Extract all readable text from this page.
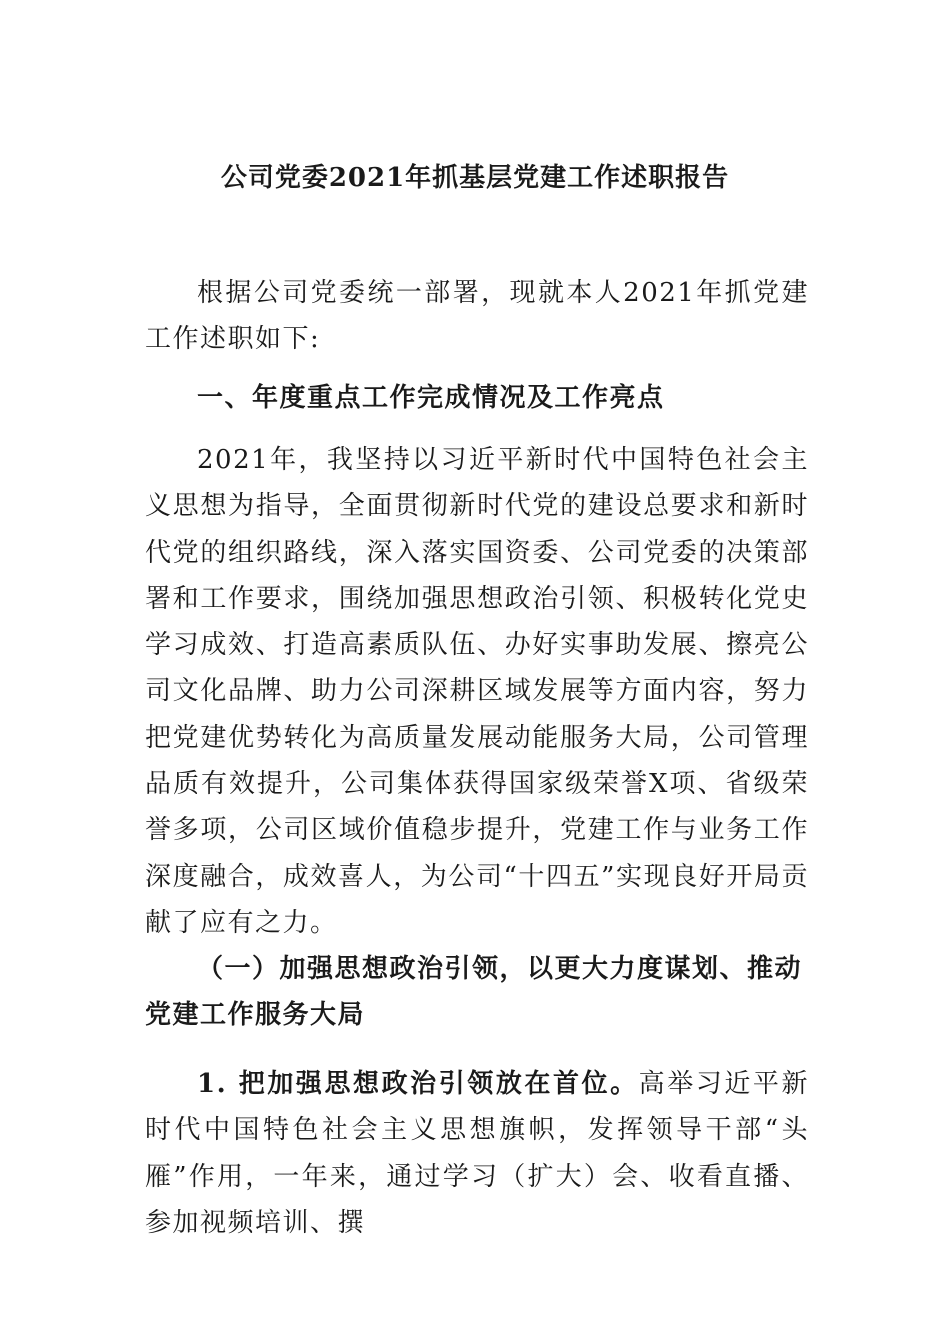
公司党委2021年抓基层党建工作述职报告

根据公司党委统一部署，现就本人2021年抓党建工作述职如下:

一、年度重点工作完成情况及工作亮点

2021年，我坚持以习近平新时代中国特色社会主义思想为指导，全面贯彻新时代党的建设总要求和新时代党的组织路线，深入落实国资委、公司党委的决策部署和工作要求，围绕加强思想政治引领、积极转化党史学习成效、打造高素质队伍、办好实事助发展、擦亮公司文化品牌、助力公司深耕区域发展等方面内容，努力把党建优势转化为高质量发展动能服务大局，公司管理品质有效提升，公司集体获得国家级荣誉X项、省级荣誉多项，公司区域价值稳步提升，党建工作与业务工作深度融合，成效喜人，为公司“十四五”实现良好开局贡献了应有之力。

（一）加强思想政治引领，以更大力度谋划、推动党建工作服务大局

1. 把加强思想政治引领放在首位。高举习近平新时代中国特色社会主义思想旗帜，发挥领导干部“头雁”作用，一年来，通过学习（扩大）会、收看直播、参加视频培训、撰
